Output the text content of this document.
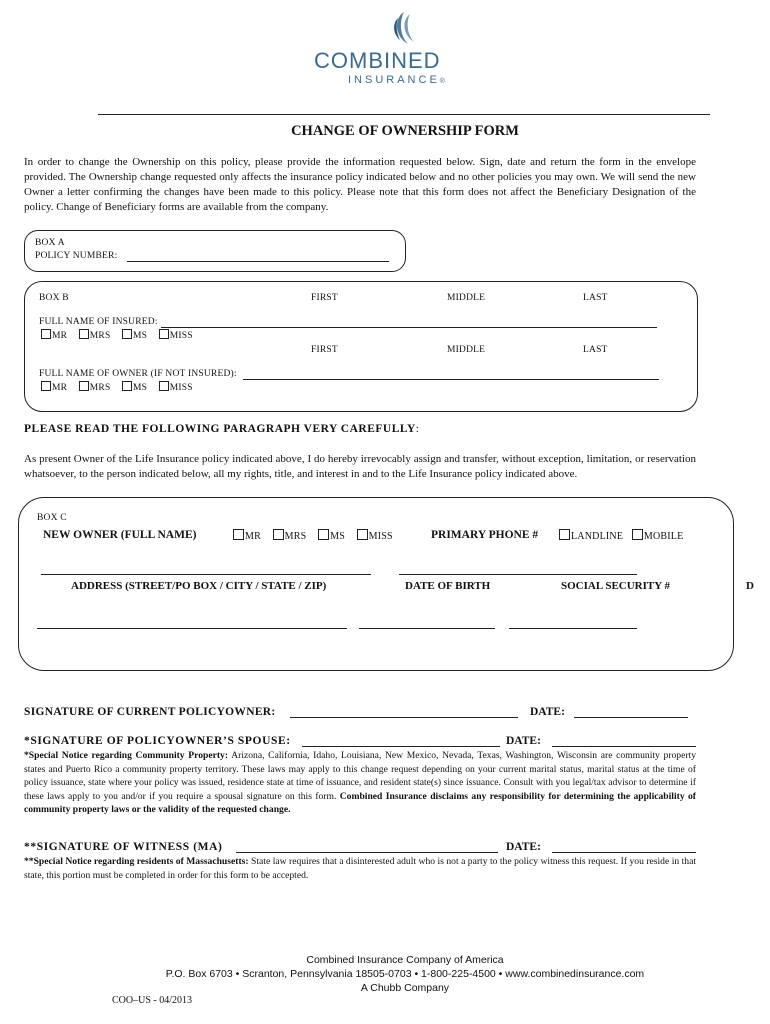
COMBINED
INSURANCE®
CHANGE OF OWNERSHIP FORM
In order to change the Ownership on this policy, please provide the information requested below. Sign, date and return the form in the envelope provided. The Ownership change requested only affects the insurance policy indicated below and no other policies you may own. We will send the new Owner a letter confirming the changes have been made to this policy. Please note that this form does not affect the Beneficiary Designation of the policy. Change of Beneficiary forms are available from the company.
BOX A
POLICY NUMBER:
BOX B	FIRST	MIDDLE	LAST
FULL NAME OF INSURED:
MR MRS MS MISS
FIRST	MIDDLE	LAST
FULL NAME OF OWNER (IF NOT INSURED):
MR MRS MS MISS
PLEASE READ THE FOLLOWING PARAGRAPH VERY CAREFULLY:
As present Owner of the Life Insurance policy indicated above, I do hereby irrevocably assign and transfer, without exception, limitation, or reservation whatsoever, to the person indicated below, all my rights, title, and interest in and to the Life Insurance policy indicated above.
BOX C
NEW OWNER (FULL NAME)	MR MRS MS MISS	PRIMARY PHONE #	LANDLINE MOBILE
ADDRESS (STREET/PO BOX / CITY / STATE / ZIP)	DATE OF BIRTH	SOCIAL SECURITY #	D
SIGNATURE OF CURRENT POLICYOWNER:	DATE:
*SIGNATURE OF POLICYOWNER’S SPOUSE:	DATE:
*Special Notice regarding Community Property: Arizona, California, Idaho, Louisiana, New Mexico, Nevada, Texas, Washington, Wisconsin are community property states and Puerto Rico a community property territory. These laws may apply to this change request depending on your current marital status, marital status at the time of policy issuance, state where your policy was issued, residence state at time of issuance, and resident state(s) since issuance. Consult with you legal/tax advisor to determine if these laws apply to you and/or if you require a spousal signature on this form. Combined Insurance disclaims any responsibility for determining the applicability of community property laws or the validity of the requested change.
**SIGNATURE OF WITNESS (MA)	DATE:
**Special Notice regarding residents of Massachusetts: State law requires that a disinterested adult who is not a party to the policy witness this request. If you reside in that state, this portion must be completed in order for this form to be accepted.
Combined Insurance Company of America
P.O. Box 6703 • Scranton, Pennsylvania 18505-0703 • 1-800-225-4500 • www.combinedinsurance.com
A Chubb Company
COO–US - 04/2013
